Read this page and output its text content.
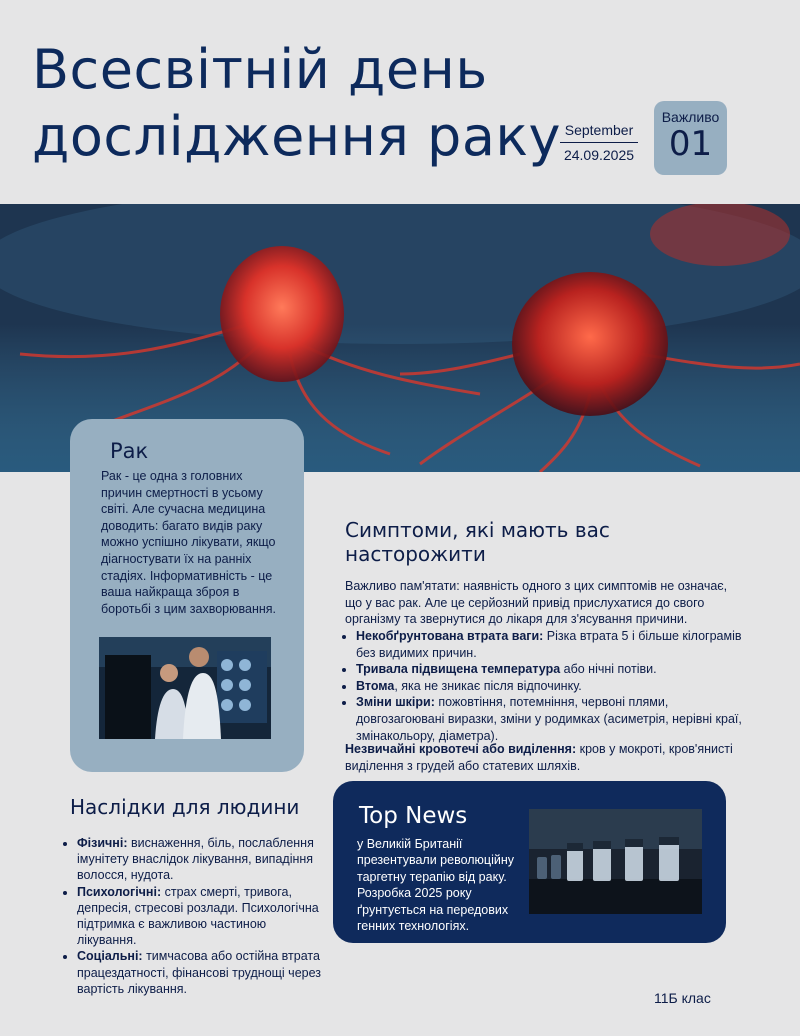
Всесвітній день
дослідження раку September
24.09.2025
Важливо
01
Рак

Рак - це одна з головних причин смертності в усьому світі. Але сучасна медицина доводить: багато видів раку можно успішно лікувати, якщо діагностувати їх на ранніх стадіях. Інформативність - це ваша найкраща зброя в боротьбі з цим захворювання.

Симптоми, які мають вас насторожити

Важливо пам'ятати: наявність одного з цих симптомів не означає, що у вас рак. Але це серйозний привід прислухатися до свого організму та звернутися до лікаря для з'ясування причини.

• Некобґрунтована втрата ваги: Різка втрата 5 і більше кілограмів без видимих причин.
• Тривала підвищена температура або нічні потіви.
• Втома, яка не зникає після відпочинку.
• Зміни шкіри: пожовтіння, потемніння, червоні плями, довгозагоювані виразки, зміни у родимках (асиметрія, нерівні краї, змінакольору, діаметра).

Незвичайні кровотечі або виділення: кров у мокроті, кров'янисті виділення з грудей або статевих шляхів.

Наслідки для людини
• Фізичні: виснаження, біль, послаблення імунітету внаслідок лікування, випадіння волосся, нудота.
• Психологічні: страх смерті, тривога, депресія, стресові розлади. Психологічна підтримка є важливою частиною лікування.
• Соціальні: тимчасова або остійна втрата працездатності, фінансові труднощі через вартість лікування.
Top News

у Великій Британії презентували революційну таргетну терапію від раку. Розробка 2025 року ґрунтується на передових генних технологіях.

11Б клас
